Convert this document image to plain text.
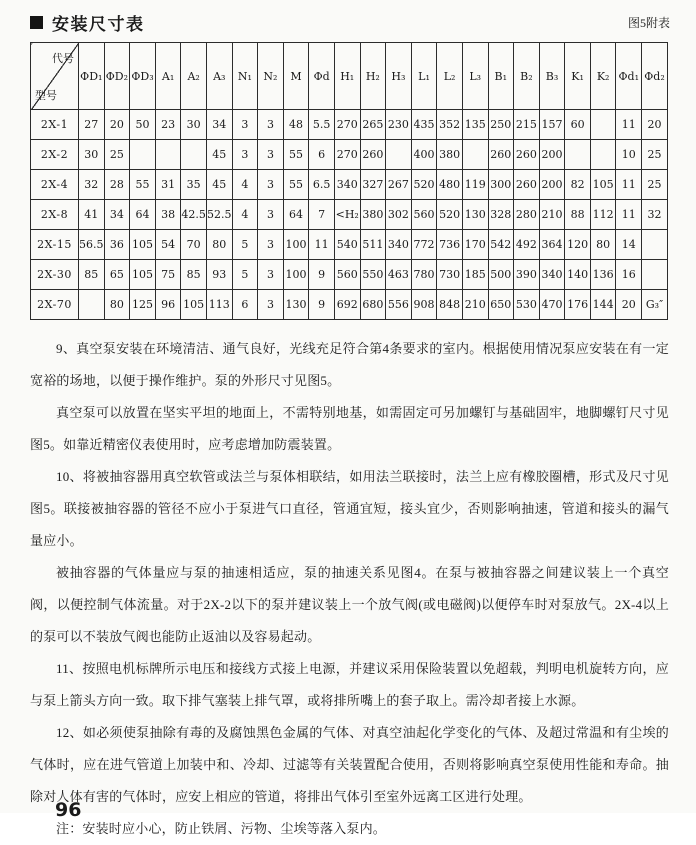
安装尺寸表	图5附表
代号
型号	ΦD₁	ΦD₂	ΦD₃	A₁	A₂	A₃	N₁	N₂	M	Φd	H₁	H₂	H₃	L₁	L₂	L₃	B₁	B₂	B₃	K₁	K₂	Φd₁	Φd₂
2X-1	27	20	50	23	30	34	3	3	48	5.5	270	265	230	435	352	135	250	215	157	60		11	20
2X-2	30	25				45	3	3	55	6	270	260		400	380		260	260	200			10	25
2X-4	32	28	55	31	35	45	4	3	55	6.5	340	327	267	520	480	119	300	260	200	82	105	11	25
2X-8	41	34	64	38	42.5	52.5	4	3	64	7	<H₂	380	302	560	520	130	328	280	210	88	112	11	32
2X-15	56.5	36	105	54	70	80	5	3	100	11	540	511	340	772	736	170	542	492	364	120	80	14	
2X-30	85	65	105	75	85	93	5	3	100	9	560	550	463	780	730	185	500	390	340	140	136	16	
2X-70		80	125	96	105	113	6	3	130	9	692	680	556	908	848	210	650	530	470	176	144	20	G₃″

9、真空泵安装在环境清洁、通气良好，光线充足符合第4条要求的室内。根据使用情况泵应安装在有一定宽裕的场地，以便于操作维护。泵的外形尺寸见图5。

真空泵可以放置在坚实平坦的地面上，不需特别地基，如需固定可另加螺钉与基础固牢，地脚螺钉尺寸见图5。如靠近精密仪表使用时，应考虑增加防震装置。

10、将被抽容器用真空软管或法兰与泵体相联结，如用法兰联接时，法兰上应有橡胶圈槽，形式及尺寸见图5。联接被抽容器的管径不应小于泵进气口直径，管通宜短，接头宜少，否则影响抽速，管道和接头的漏气量应小。

被抽容器的气体量应与泵的抽速相适应，泵的抽速关系见图4。在泵与被抽容器之间建议装上一个真空阀，以便控制气体流量。对于2X-2以下的泵并建议装上一个放气阀(或电磁阀)以便停车时对泵放气。2X-4以上的泵可以不装放气阀也能防止返油以及容易起动。

11、按照电机标牌所示电压和接线方式接上电源，并建议采用保险装置以免超载，判明电机旋转方向，应与泵上箭头方向一致。取下排气塞装上排气罩，或将排所嘴上的套子取上。需冷却者接上水源。

12、如必须使泵抽除有毒的及腐蚀黑色金属的气体、对真空油起化学变化的气体、及超过常温和有尘埃的气体时，应在进气管道上加装中和、冷却、过滤等有关装置配合使用，否则将影响真空泵使用性能和寿命。抽除对人体有害的气体时，应安上相应的管道，将排出气体引至室外远离工区进行处理。

注：安装时应小心，防止铁屑、污物、尘埃等落入泵内。

96
